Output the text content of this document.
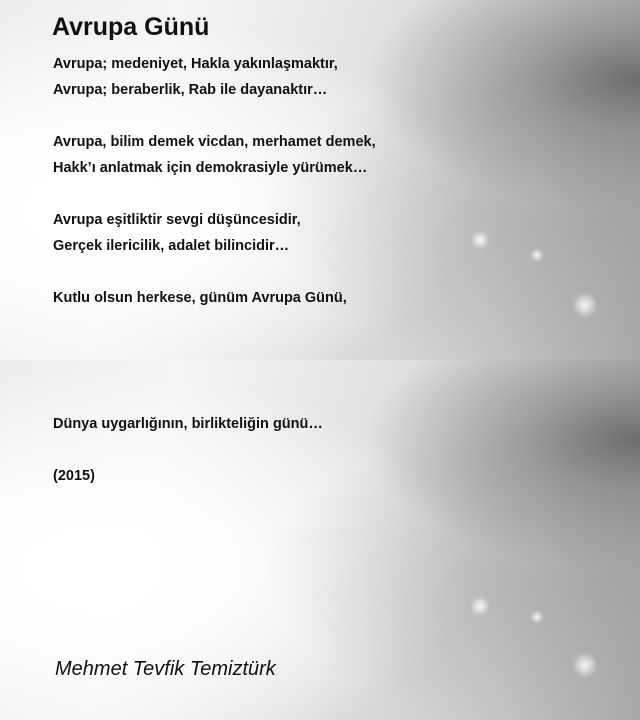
Avrupa Günü
Avrupa; medeniyet, Hakla yakınlaşmaktır,
Avrupa; beraberlik, Rab ile dayanaktır…
Avrupa, bilim demek vicdan, merhamet demek,
Hakk’ı anlatmak için demokrasiyle yürümek…
Avrupa eşitliktir sevgi düşüncesidir,
Gerçek ilericilik, adalet bilincidir…
Kutlu olsun herkese, günüm Avrupa Günü,
Dünya uygarlığının, birlikteliğin günü…
(2015)
Mehmet Tevfik Temiztürk
